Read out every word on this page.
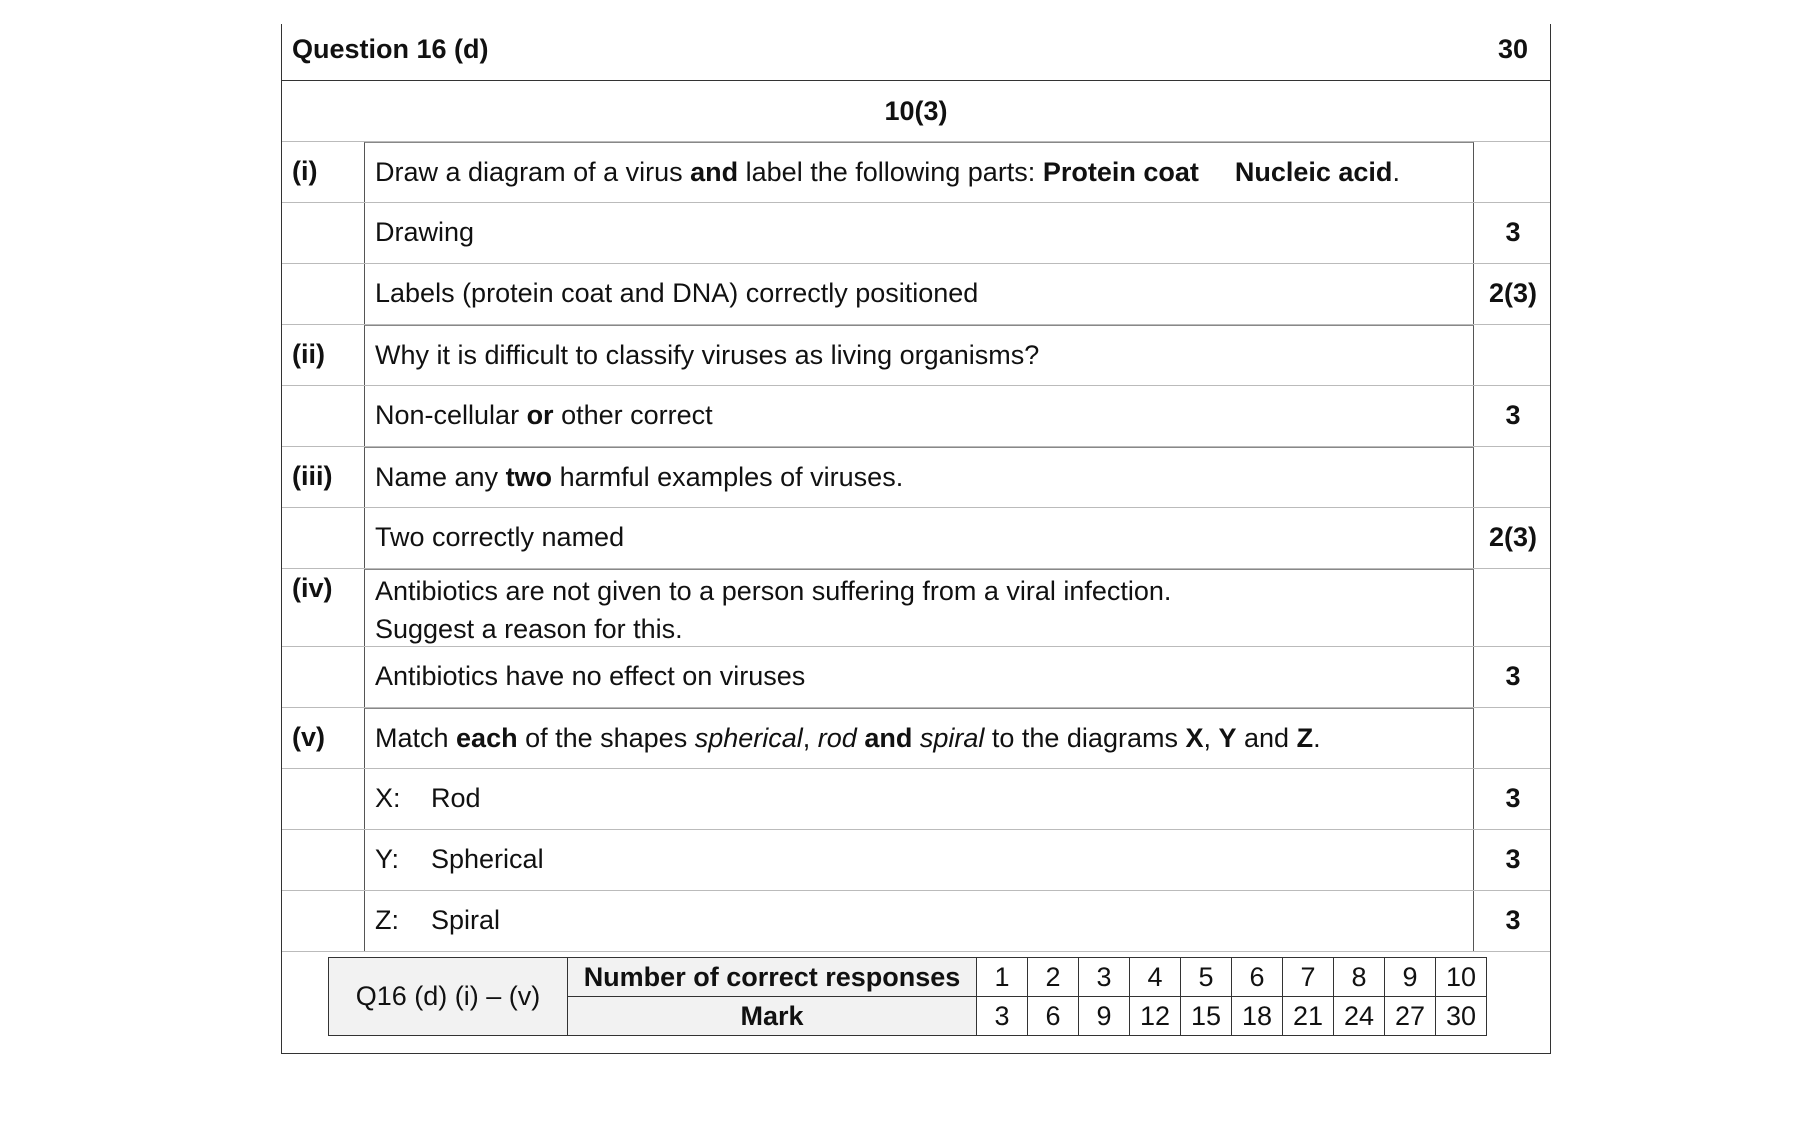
Question 16 (d)	30
10(3)
(i) Draw a diagram of a virus and label the following parts: Protein coat Nucleic acid.
Drawing	3
Labels (protein coat and DNA) correctly positioned	2(3)
(ii) Why it is difficult to classify viruses as living organisms?
Non-cellular or other correct	3
(iii) Name any two harmful examples of viruses.
Two correctly named	2(3)
(iv) Antibiotics are not given to a person suffering from a viral infection.
Suggest a reason for this.
Antibiotics have no effect on viruses	3
(v) Match each of the shapes spherical, rod and spiral to the diagrams X, Y and Z.
X: Rod	3
Y: Spherical	3
Z: Spiral	3
Q16 (d) (i) – (v)	Number of correct responses	1	2	3	4	5	6	7	8	9	10
	Mark	3	6	9	12	15	18	21	24	27	30
